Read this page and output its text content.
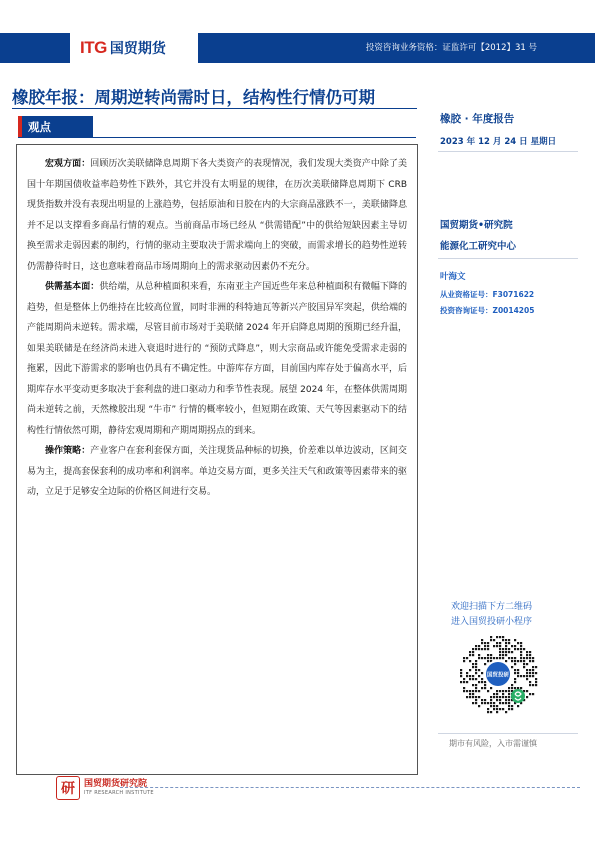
ITG 国贸期货	投资咨询业务资格：证监许可【2012】31 号
橡胶年报：周期逆转尚需时日，结构性行情仍可期
观点

宏观方面：回顾历次美联储降息周期下各大类资产的表现情况，我们发现大类资产中除了美国十年期国债收益率趋势性下跌外，其它并没有太明显的规律，在历次美联储降息周期下 CRB 现货指数并没有表现出明显的上涨趋势，包括原油和日胶在内的大宗商品涨跌不一，美联储降息并不足以支撑看多商品行情的观点。当前商品市场已经从 “供需错配”中的供给短缺因素主导切换至需求走弱因素的制约，行情的驱动主要取决于需求端向上的突破，而需求增长的趋势性逆转仍需静待时日，这也意味着商品市场周期向上的需求驱动因素仍不充分。

供需基本面：供给端，从总种植面积来看，东南亚主产国近些年来总种植面积有微幅下降的趋势，但是整体上仍维持在比较高位置，同时非洲的科特迪瓦等新兴产胶国异军突起，供给端的产能周期尚未逆转。需求端，尽管目前市场对于美联储 2024 年开启降息周期的预期已经升温，如果美联储是在经济尚未进入衰退时进行的 “预防式降息”，则大宗商品或许能免受需求走弱的拖累，因此下游需求的影响也仍具有不确定性。中游库存方面，目前国内库存处于偏高水平，后期库存水平变动更多取决于套利盘的进口驱动力和季节性表现。展望 2024 年，在整体供需周期尚未逆转之前，天然橡胶出现 “牛市” 行情的概率较小，但短期在政策、天气等因素驱动下的结构性行情依然可期，静待宏观周期和产期周期拐点的到来。

操作策略：产业客户在套利套保方面，关注现货品种标的切换，价差难以单边波动，区间交易为主，提高套保套利的成功率和利润率。单边交易方面，更多关注天气和政策等因素带来的驱动，立足于足够安全边际的价格区间进行交易。

橡胶 · 年度报告
2023 年 12 月 24 日 星期日
国贸期货•研究院
能源化工研究中心
叶海文
从业资格证号：F3071622
投资咨询证号：Z0014205
欢迎扫描下方二维码
进入国贸投研小程序
国贸投研
期市有风险，入市需谨慎
研	国贸期货研究院
ITF RESEARCH INSTITUTE
